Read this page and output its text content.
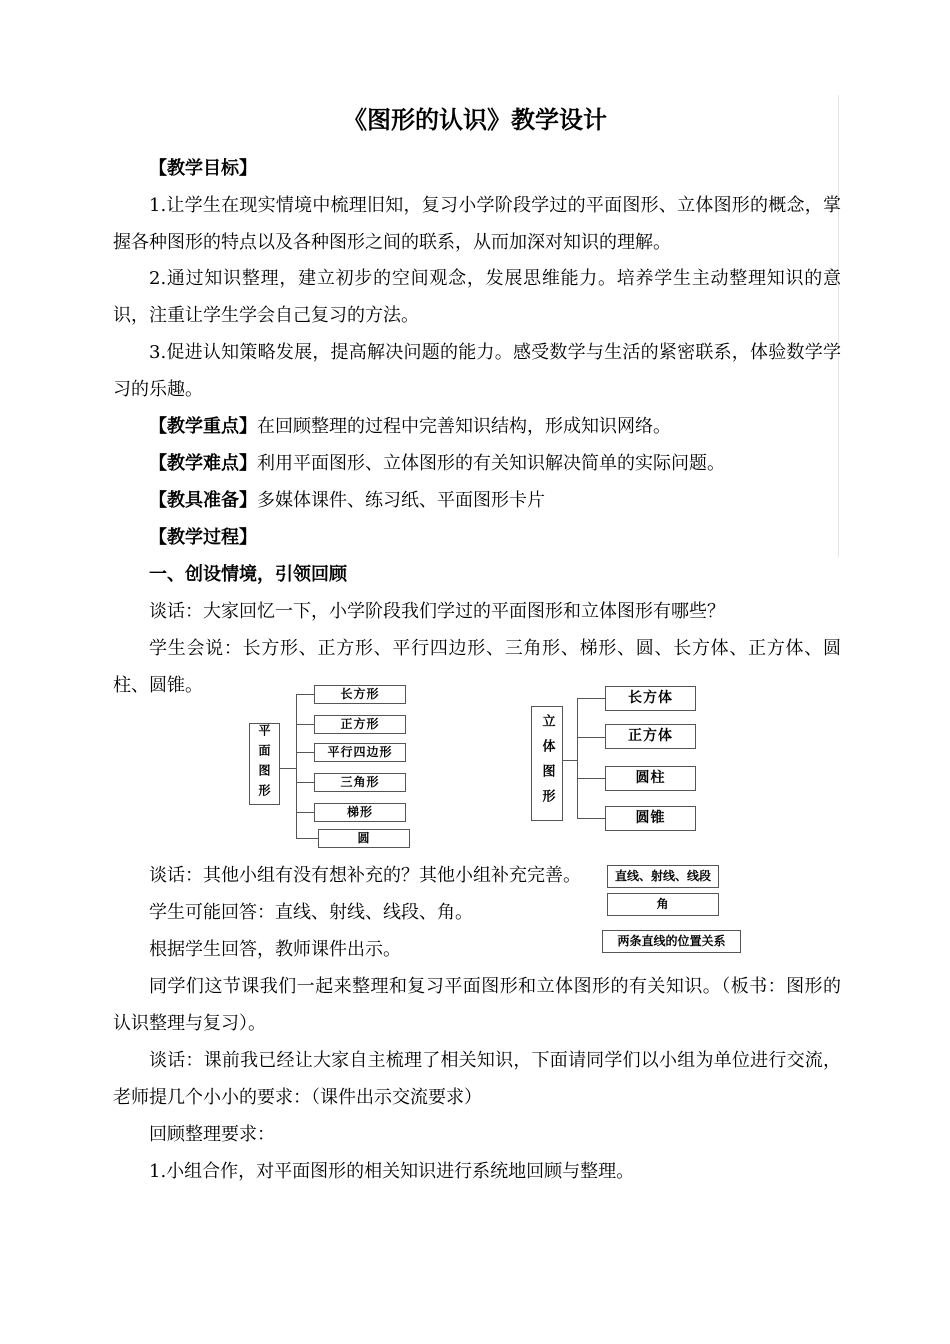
《图形的认识》教学设计
【教学目标】
1.让学生在现实情境中梳理旧知，复习小学阶段学过的平面图形、立体图形的概念，掌握各种图形的特点以及各种图形之间的联系，从而加深对知识的理解。
2.通过知识整理，建立初步的空间观念，发展思维能力。培养学生主动整理知识的意识，注重让学生学会自己复习的方法。
3.促进认知策略发展，提高解决问题的能力。感受数学与生活的紧密联系，体验数学学习的乐趣。
【教学重点】在回顾整理的过程中完善知识结构，形成知识网络。
【教学难点】利用平面图形、立体图形的有关知识解决简单的实际问题。
【教具准备】多媒体课件、练习纸、平面图形卡片
【教学过程】
一、创设情境，引领回顾
谈话：大家回忆一下，小学阶段我们学过的平面图形和立体图形有哪些？
学生会说：长方形、正方形、平行四边形、三角形、梯形、圆、长方体、正方体、圆柱、圆锥。
平面图形
长方形
正方形
平行四边形
三角形
梯形
圆
立体图形
长方体
正方体
圆柱
圆锥
谈话：其他小组有没有想补充的？其他小组补充完善。
学生可能回答：直线、射线、线段、角。
根据学生回答，教师课件出示。
直线、射线、线段
角
两条直线的位置关系
同学们这节课我们一起来整理和复习平面图形和立体图形的有关知识。（板书：图形的认识整理与复习）。
谈话：课前我已经让大家自主梳理了相关知识，下面请同学们以小组为单位进行交流，老师提几个小小的要求：（课件出示交流要求）
回顾整理要求：
1.小组合作，对平面图形的相关知识进行系统地回顾与整理。
